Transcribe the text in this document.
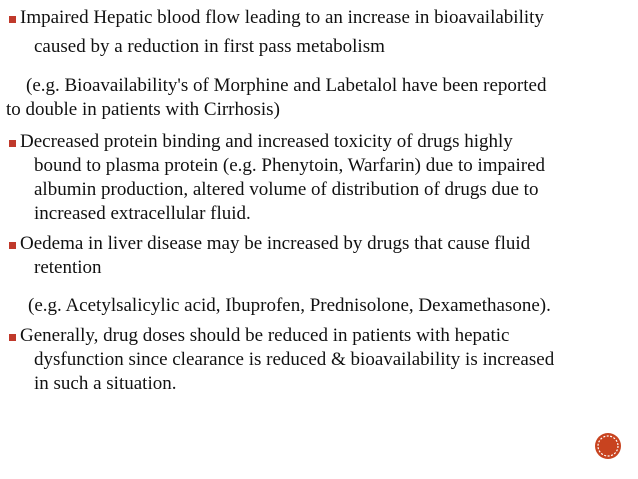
Impaired Hepatic blood flow leading to an increase in bioavailability
caused by a reduction in first pass metabolism
(e.g. Bioavailability's of Morphine and Labetalol have been reported
to double in patients with Cirrhosis)
Decreased protein binding and increased toxicity of drugs highly
bound to plasma protein (e.g. Phenytoin, Warfarin) due to impaired
albumin production, altered volume of distribution of drugs due to
increased extracellular fluid.
Oedema in liver disease may be increased by drugs that cause fluid
retention
(e.g. Acetylsalicylic acid, Ibuprofen, Prednisolone, Dexamethasone).
Generally, drug doses should be reduced in patients with hepatic
dysfunction since clearance is reduced & bioavailability is increased
in such a situation.
